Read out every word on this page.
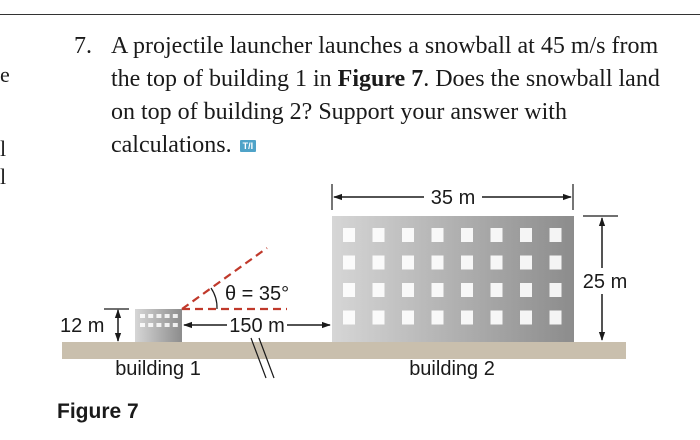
e
l
l
7. A projectile launcher launches a snowball at 45 m/s from the top of building 1 in Figure 7. Does the snowball land on top of building 2? Support your answer with calculations. T/I
θ = 35°
150 m
12 m
25 m
35 m
building 1	building 2
Figure 7
